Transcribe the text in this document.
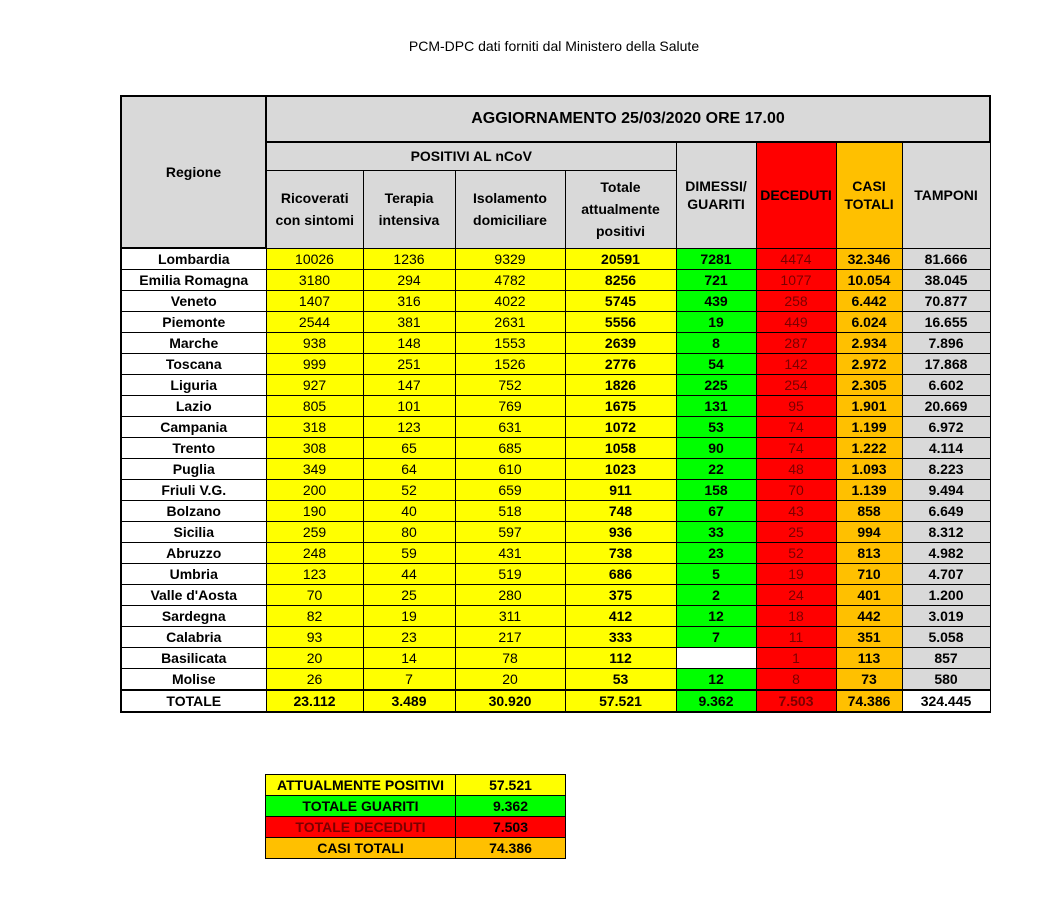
PCM-DPC dati forniti dal Ministero della Salute
Regione	AGGIORNAMENTO 25/03/2020 ORE 17.00							
	POSITIVI AL nCoV				DIMESSI/ GUARITI	DECEDUTI	CASI TOTALI	TAMPONI
	Ricoverati con sintomi	Terapia intensiva	Isolamento domiciliare	Totale attualmente positivi				
Lombardia	10026	1236	9329	20591	7281	4474	32.346	81.666
Emilia Romagna	3180	294	4782	8256	721	1077	10.054	38.045
Veneto	1407	316	4022	5745	439	258	6.442	70.877
Piemonte	2544	381	2631	5556	19	449	6.024	16.655
Marche	938	148	1553	2639	8	287	2.934	7.896
Toscana	999	251	1526	2776	54	142	2.972	17.868
Liguria	927	147	752	1826	225	254	2.305	6.602
Lazio	805	101	769	1675	131	95	1.901	20.669
Campania	318	123	631	1072	53	74	1.199	6.972
Trento	308	65	685	1058	90	74	1.222	4.114
Puglia	349	64	610	1023	22	48	1.093	8.223
Friuli V.G.	200	52	659	911	158	70	1.139	9.494
Bolzano	190	40	518	748	67	43	858	6.649
Sicilia	259	80	597	936	33	25	994	8.312
Abruzzo	248	59	431	738	23	52	813	4.982
Umbria	123	44	519	686	5	19	710	4.707
Valle d'Aosta	70	25	280	375	2	24	401	1.200
Sardegna	82	19	311	412	12	18	442	3.019
Calabria	93	23	217	333	7	11	351	5.058
Basilicata	20	14	78	112		1	113	857
Molise	26	7	20	53	12	8	73	580
TOTALE	23.112	3.489	30.920	57.521	9.362	7.503	74.386	324.445
ATTUALMENTE POSITIVI	57.521
TOTALE GUARITI	9.362
TOTALE DECEDUTI	7.503
CASI TOTALI	74.386
